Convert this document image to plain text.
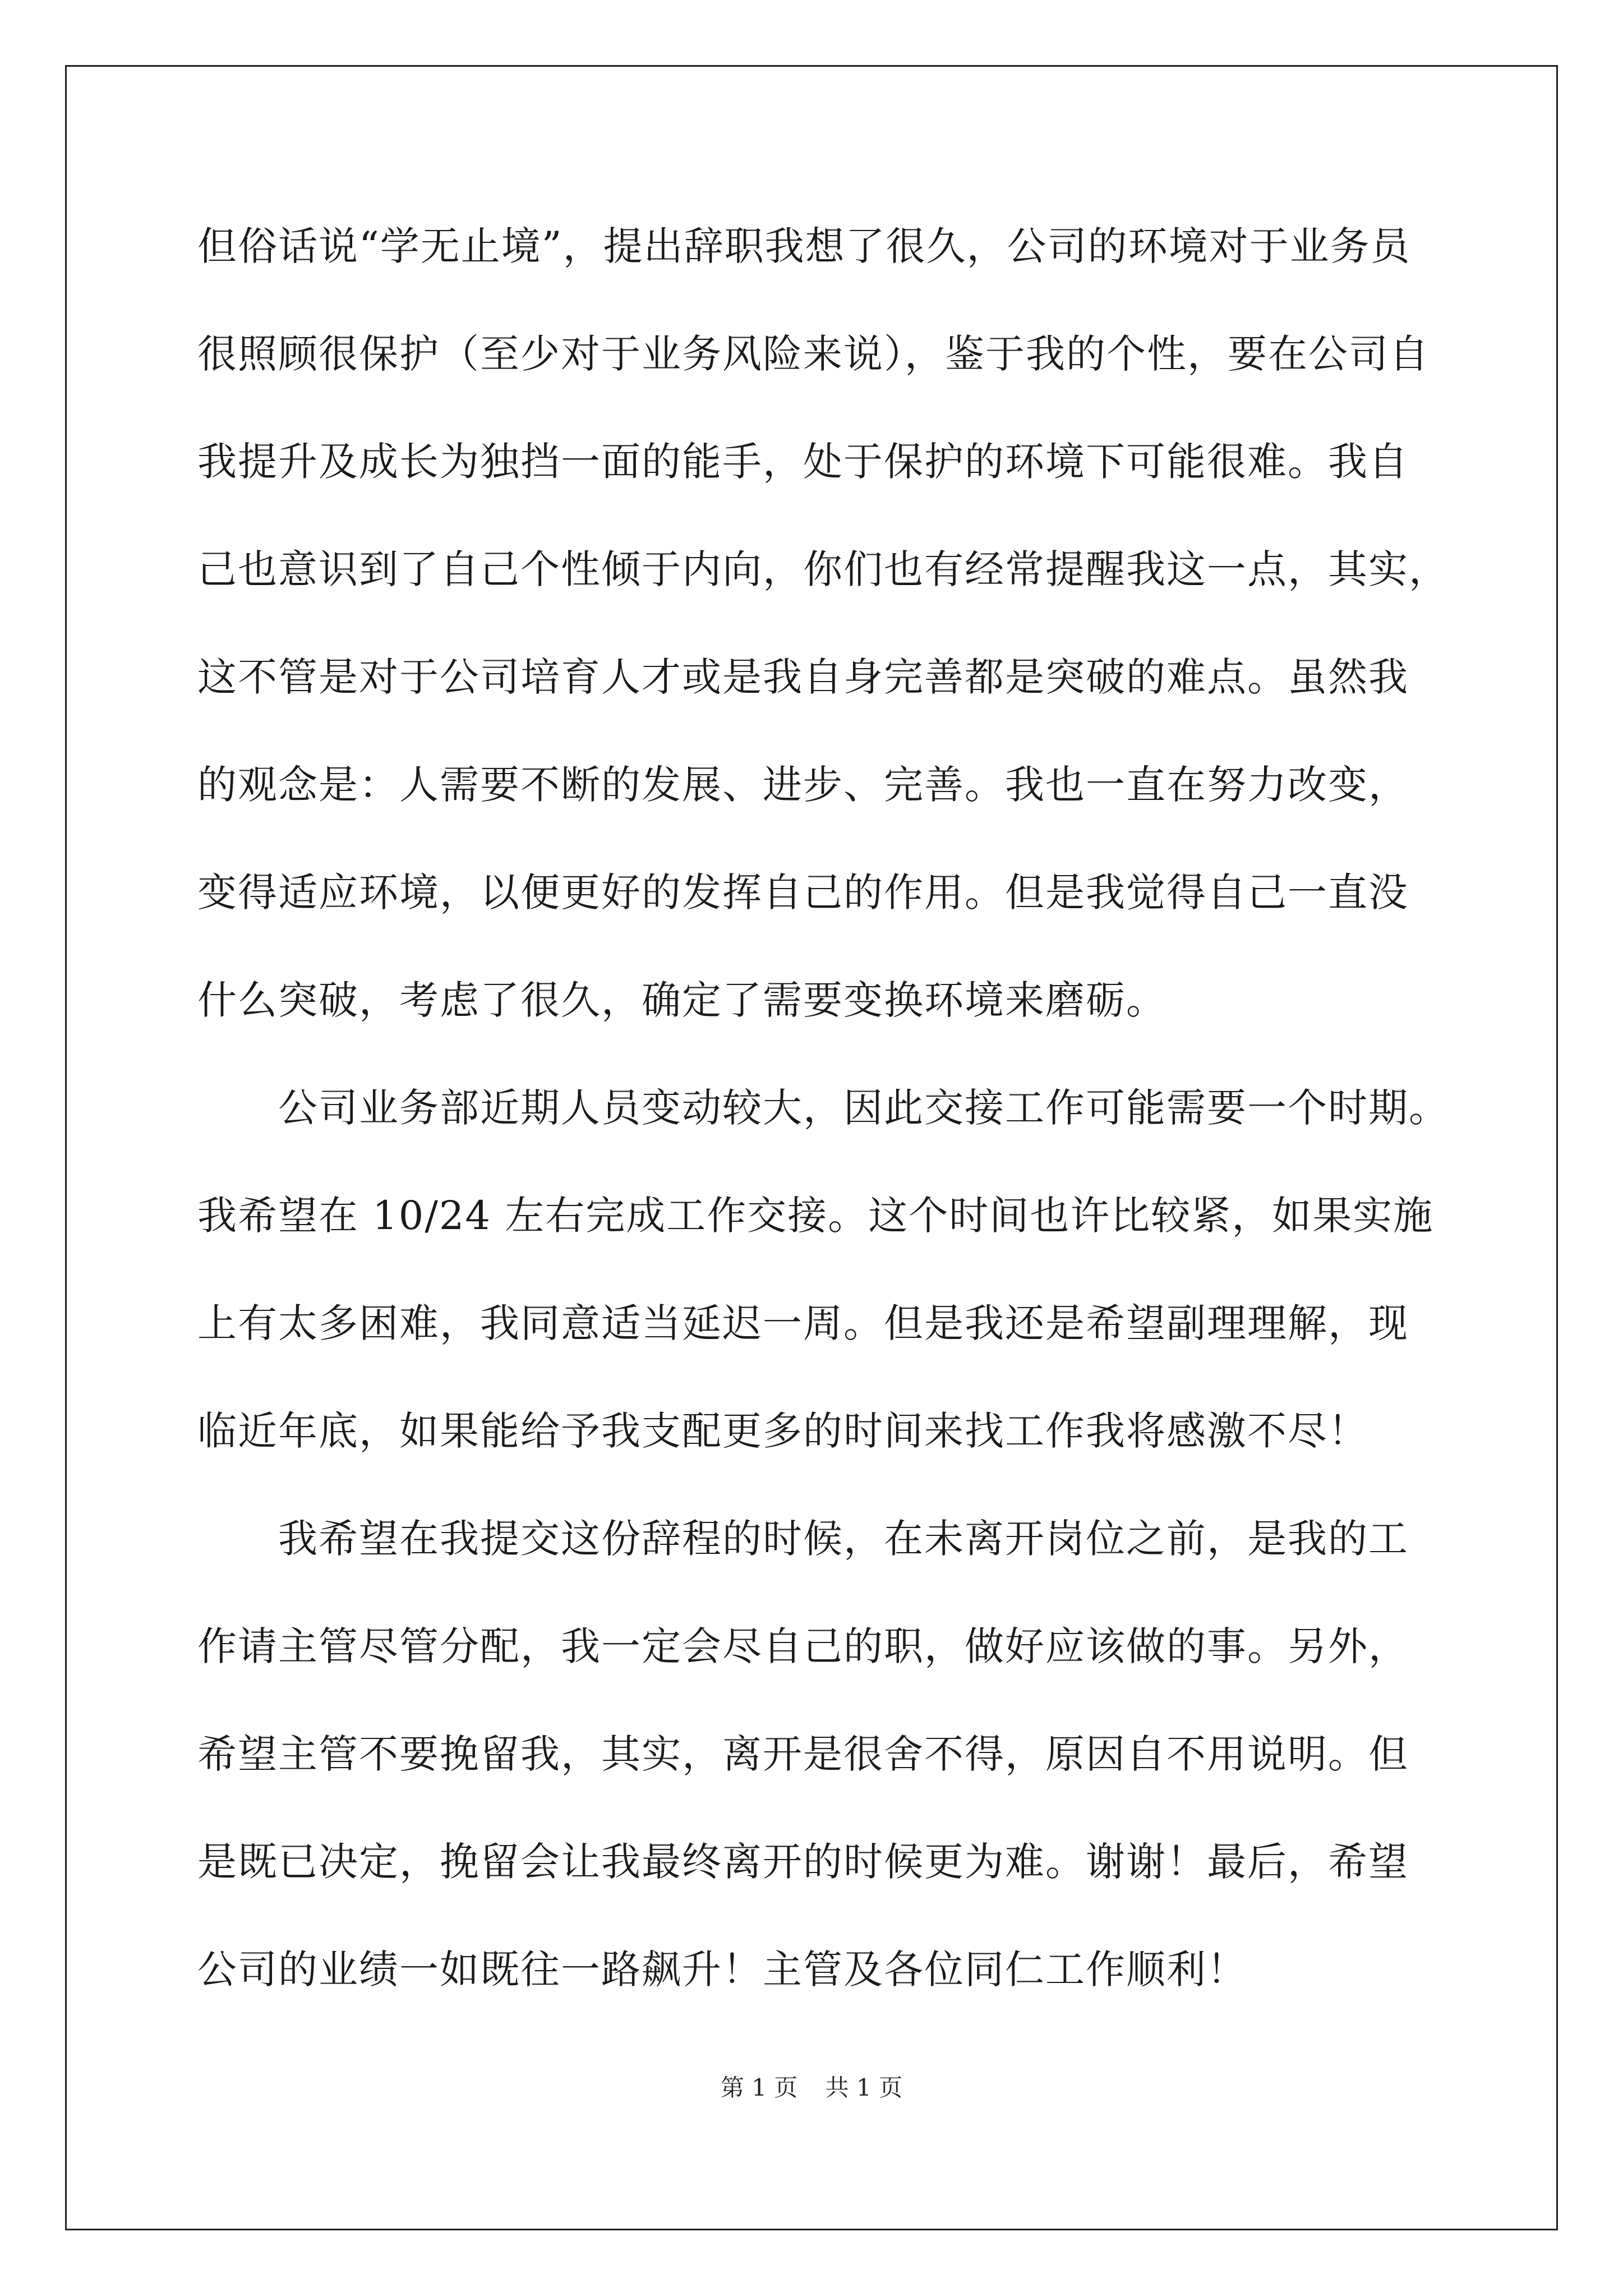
但俗话说“学无止境”，提出辞职我想了很久，公司的环境对于业务员
很照顾很保护（至少对于业务风险来说），鉴于我的个性，要在公司自
我提升及成长为独挡一面的能手，处于保护的环境下可能很难。我自
己也意识到了自己个性倾于内向，你们也有经常提醒我这一点，其实，
这不管是对于公司培育人才或是我自身完善都是突破的难点。虽然我
的观念是：人需要不断的发展、进步、完善。我也一直在努力改变，
变得适应环境，以便更好的发挥自己的作用。但是我觉得自己一直没
什么突破，考虑了很久，确定了需要变换环境来磨砺。
　　公司业务部近期人员变动较大，因此交接工作可能需要一个时期。
我希望在 10/24 左右完成工作交接。这个时间也许比较紧，如果实施
上有太多困难，我同意适当延迟一周。但是我还是希望副理理解，现
临近年底，如果能给予我支配更多的时间来找工作我将感激不尽！
　　我希望在我提交这份辞程的时候，在未离开岗位之前，是我的工
作请主管尽管分配，我一定会尽自己的职，做好应该做的事。另外，
希望主管不要挽留我，其实，离开是很舍不得，原因自不用说明。但
是既已决定，挽留会让我最终离开的时候更为难。谢谢！最后，希望
公司的业绩一如既往一路飙升！主管及各位同仁工作顺利！
第 1 页 共 1 页
